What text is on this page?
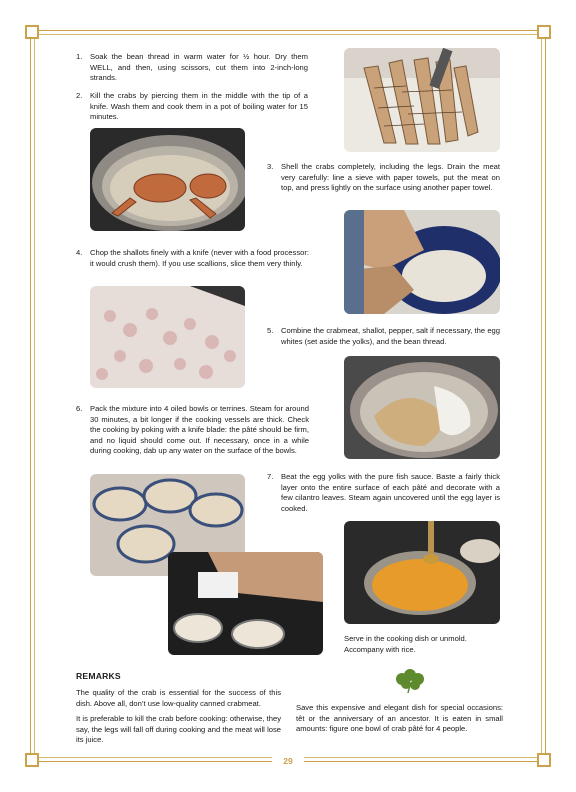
1. Soak the bean thread in warm water for ½ hour. Dry them WELL, and then, using scissors, cut them into 2-inch-long strands.
2. Kill the crabs by piercing them in the middle with the tip of a knife. Wash them and cook them in a pot of boiling water for 15 minutes.
3. Shell the crabs completely, including the legs. Drain the meat very carefully: line a sieve with paper towels, put the meat on top, and press lightly on the surface using another paper towel.
4. Chop the shallots finely with a knife (never with a food processor: it would crush them). If you use scallions, slice them very thinly.
5. Combine the crabmeat, shallot, pepper, salt if necessary, the egg whites (set aside the yolks), and the bean thread.
6. Pack the mixture into 4 oiled bowls or terrines. Steam for around 30 minutes, a bit longer if the cooking vessels are thick. Check the cooking by poking with a knife blade: the pâté should be firm, and no liquid should come out. If necessary, once in a while during cooking, dab up any water on the surface of the bowls.
7. Beat the egg yolks with the pure fish sauce. Baste a fairly thick layer onto the entire surface of each pâté and decorate with a few cilantro leaves. Steam again uncovered until the egg layer is cooked.
Serve in the cooking dish or unmold. Accompany with rice.
REMARKS
The quality of the crab is essential for the success of this dish. Above all, don’t use low-quality canned crabmeat.
It is preferable to kill the crab before cooking: otherwise, they say, the legs will fall off during cooking and the meat will lose its juice.
Save this expensive and elegant dish for special occasions: têt or the anniversary of an ancestor. It is eaten in small amounts: figure one bowl of crab pâté for 4 people.
29
